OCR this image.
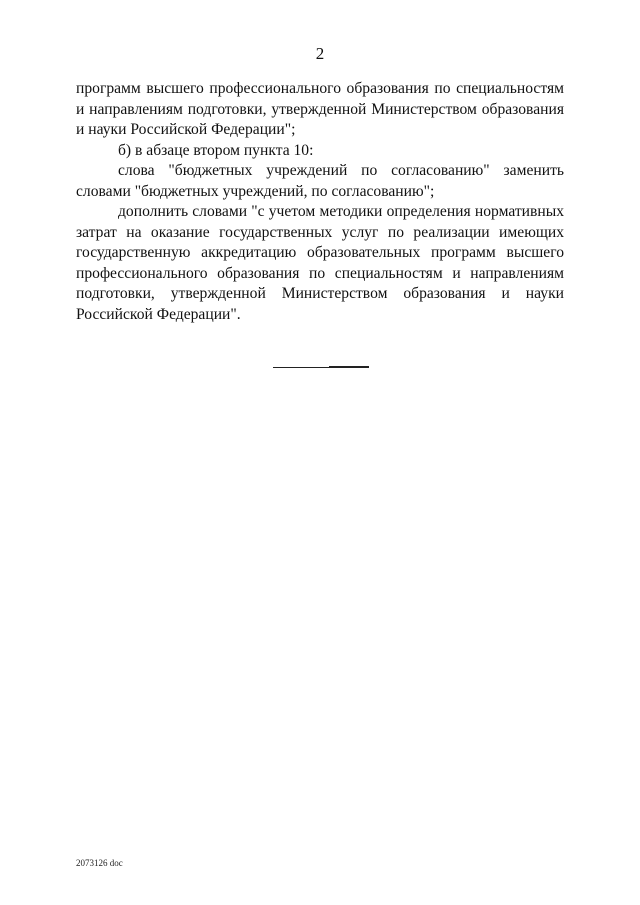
2

программ высшего профессионального образования по специальностям и направлениям подготовки, утвержденной Министерством образования и науки Российской Федерации";

б) в абзаце втором пункта 10:

слова "бюджетных учреждений по согласованию" заменить словами "бюджетных учреждений, по согласованию";

дополнить словами "с учетом методики определения нормативных затрат на оказание государственных услуг по реализации имеющих государственную аккредитацию образовательных программ высшего профессионального образования по специальностям и направлениям подготовки, утвержденной Министерством образования и науки Российской Федерации".

2073126 doc
